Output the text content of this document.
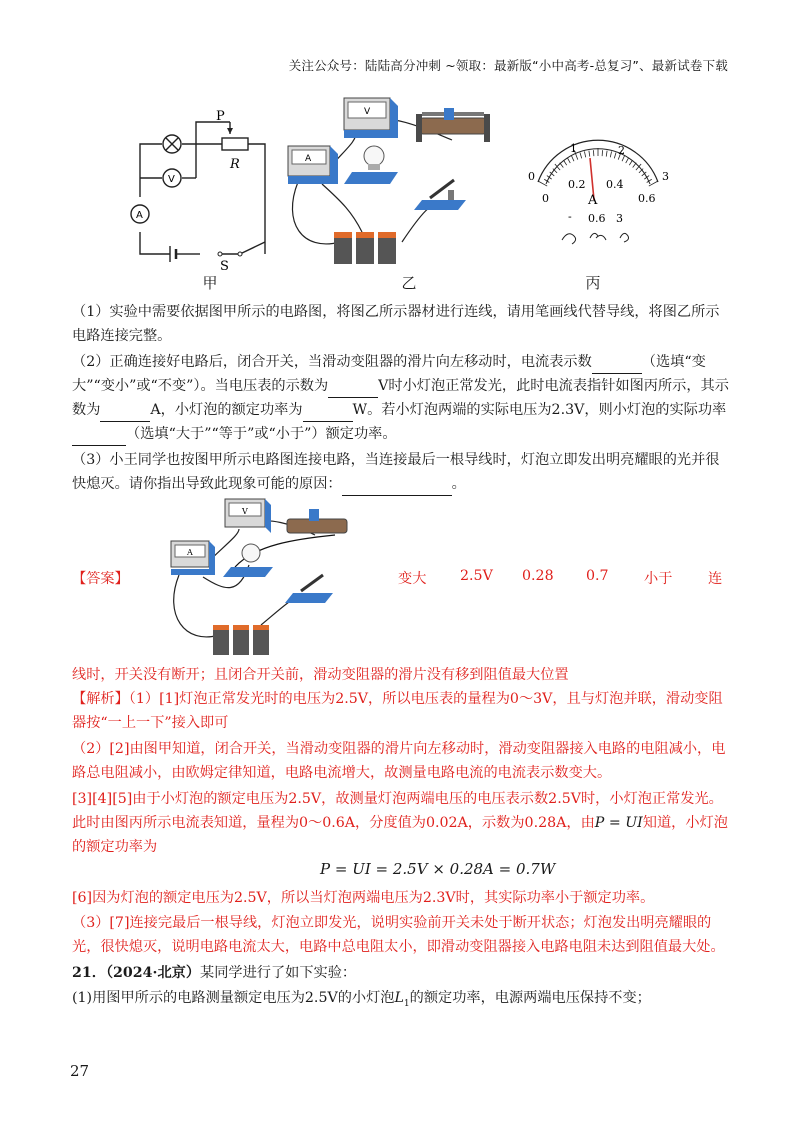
关注公众号：陆陆高分冲刺 ~领取：最新版“小中高考-总复习”、最新试卷下载
P
R
S
A
V
甲
V
A
乙
0
1	2
3
0
0.2 0.4
0.6
A
- 0.6 3
丙
（1）实验中需要依据图甲所示的电路图，将图乙所示器材进行连线，请用笔画线代替导线，将图乙所示电路连接完整。
（2）正确连接好电路后，闭合开关，当滑动变阻器的滑片向左移动时，电流表示数	（选填“变大”“变小”或“不变”）。当电压表的示数为	V时小灯泡正常发光，此时电流表指针如图丙所示，其示数为	A，小灯泡的额定功率为	W。若小灯泡两端的实际电压为2.3V，则小灯泡的实际功率（选填“大于”“等于”或“小于”）额定功率。
（3）小王同学也按图甲所示电路图连接电路，当连接最后一根导线时，灯泡立即发出明亮耀眼的光并很快熄灭。请你指出导致此现象可能的原因：	。
V
A
【答案】	变大 2.5V 0.28 0.7 小于	连
线时，开关没有断开；且闭合开关前，滑动变阻器的滑片没有移到阻值最大位置
【解析】（1）[1]灯泡正常发光时的电压为2.5V，所以电压表的量程为0～3V，且与灯泡并联，滑动变阻器按“一上一下”接入即可
（2）[2]由图甲知道，闭合开关，当滑动变阻器的滑片向左移动时，滑动变阻器接入电路的电阻减小，电路总电阻减小，由欧姆定律知道，电路电流增大，故测量电路电流的电流表示数变大。
[3][4][5]由于小灯泡的额定电压为2.5V，故测量灯泡两端电压的电压表示数2.5V时，小灯泡正常发光。此时由图丙所示电流表知道，量程为0～0.6A，分度值为0.02A，示数为0.28A，由P = UI知道，小灯泡的额定功率为
P = UI = 2.5V × 0.28A = 0.7W
[6]因为灯泡的额定电压为2.5V，所以当灯泡两端电压为2.3V时，其实际功率小于额定功率。
（3）[7]连接完最后一根导线，灯泡立即发光，说明实验前开关未处于断开状态；灯泡发出明亮耀眼的光，很快熄灭，说明电路电流太大，电路中总电阻太小，即滑动变阻器接入电路电阻未达到阻值最大处。
21．（2024·北京）某同学进行了如下实验：
(1)用图甲所示的电路测量额定电压为2.5V的小灯泡$L_1$的额定功率，电源两端电压保持不变；
27
